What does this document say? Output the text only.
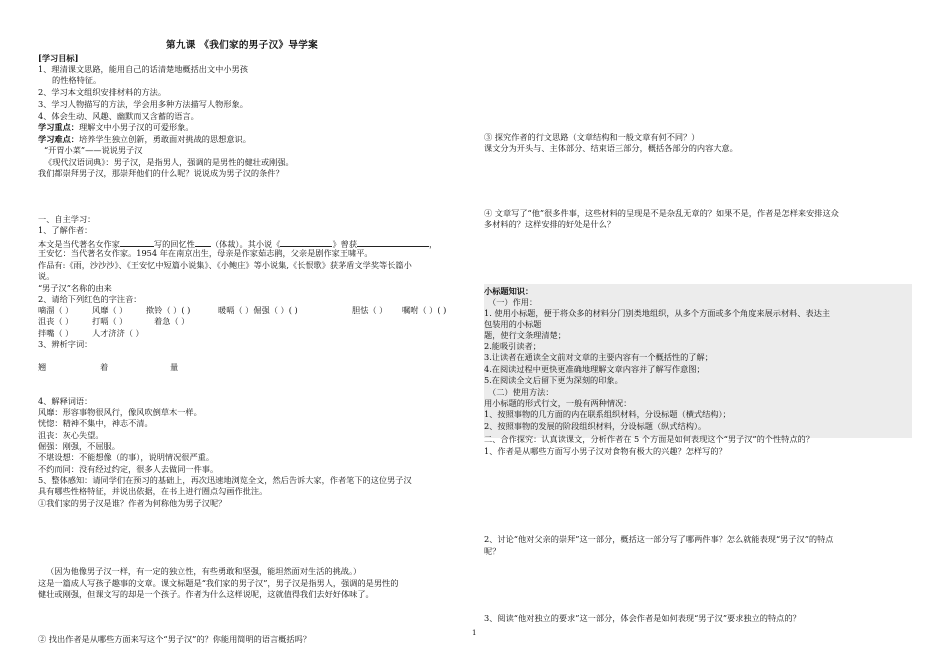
第九课 《我们家的男子汉》导学案
[学习目标]
1、理清课文思路，能用自己的话清楚地概括出文中小男孩
的性格特征。
2、学习本文组织安排材料的方法。
3、学习人物描写的方法，学会用多种方法描写人物形象。
4、体会生动、风趣、幽默而又含蓄的语言。
学习重点：理解文中小男子汉的可爱形象。
学习难点：培养学生独立创新，勇敢面对挑战的思想意识。
“开胃小菜”——说说男子汉
《现代汉语词典》：男子汉，是指男人，强调的是男性的健壮或刚强。
我们都崇拜男子汉，那崇拜他们的什么呢？说说成为男子汉的条件？
一、自主学习：
1、了解作者：
本文是当代著名女作家	写的回忆性 （体裁）。其小说《	》曾获	，
王安忆：当代著名女作家。1954 年在南京出生，母亲是作家茹志鹃，父亲是剧作家王啸平。
作品有:《雨，沙沙沙》、《王安忆中短篇小说集》、《小鲍庄》等小说集,《长恨歌》获茅盾文学奖等长篇小
说。
“男子汉”名称的由来
2、请给下列红色的字注音：
嘀溜（ ） 风靡（ ） 揿铃（ ）( )	暖嗝（ ）倔强（ ）( )	胆怯（ ） 嘱咐（ ）( )
沮丧（ ） 打嗝（ ）	着急（ ）
拌嘴（ ） 人才济济（ ）
3、辨析字词：
翘	着	量
4、解释词语：
风靡：形容事物很风行，像风吹倒草木一样。
恍惚：精神不集中，神志不清。
沮丧：灰心失望。
倔强：刚强，不屈服。
不堪设想：不能想像（的事），说明情况很严重。
不约而同：没有经过约定，很多人去做同一件事。
5、整体感知：请同学们在预习的基础上，再次迅速地浏览全文，然后告诉大家，作者笔下的这位男子汉
具有哪些性格特征，并说出依据，在书上进行圈点勾画作批注。
①我们家的男子汉是谁？作者为何称他为男子汉呢？
（因为他像男子汉一样，有一定的独立性，有些勇敢和坚强，能坦然面对生活的挑战。）
这是一篇成人写孩子趣事的文章。课文标题是“我们家的男子汉”，男子汉是指男人，强调的是男性的
健壮或刚强，但课文写的却是一个孩子。作者为什么这样说呢，这就值得我们去好好体味了。
② 找出作者是从哪些方面来写这个“男子汉”的？你能用简明的语言概括吗？
③ 探究作者的行文思路（文章结构和一般文章有何不同？）
课文分为开头与、主体部分、结束语三部分，概括各部分的内容大意。
④ 文章写了“他”很多件事，这些材料的呈现是不是杂乱无章的？如果不是，作者是怎样来安排这众
多材料的？这样安排的好处是什么？
小标题知识：
（一）作用：
1. 使用小标题，便于将众多的材料分门别类地组织，从多个方面或多个角度来展示材料、表达主
包装用的小标题
题，使行文条理清楚；
2.能吸引读者；
3.让读者在通读全文前对文章的主要内容有一个概括性的了解；
4.在阅读过程中更快更准确地理解文章内容并了解写作意图；
5.在阅读全文后留下更为深刻的印象。
（二）使用方法：
用小标题的形式行文，一般有两种情况：
1、按照事物的几方面的内在联系组织材料，分设标题（横式结构）；
2、按照事物的发展的阶段组织材料，分设标题（纵式结构）。
二、合作探究：认真读课文，分析作者在 5 个方面是如何表现这个“男子汉”的个性特点的？
1、作者是从哪些方面写小男子汉对食物有极大的兴趣？怎样写的？
2、讨论“他对父亲的崇拜”这一部分，概括这一部分写了哪两件事？怎么就能表现“男子汉”的特点
呢？
3、阅读“他对独立的要求”这一部分，体会作者是如何表现“男子汉”要求独立的特点的？
1
